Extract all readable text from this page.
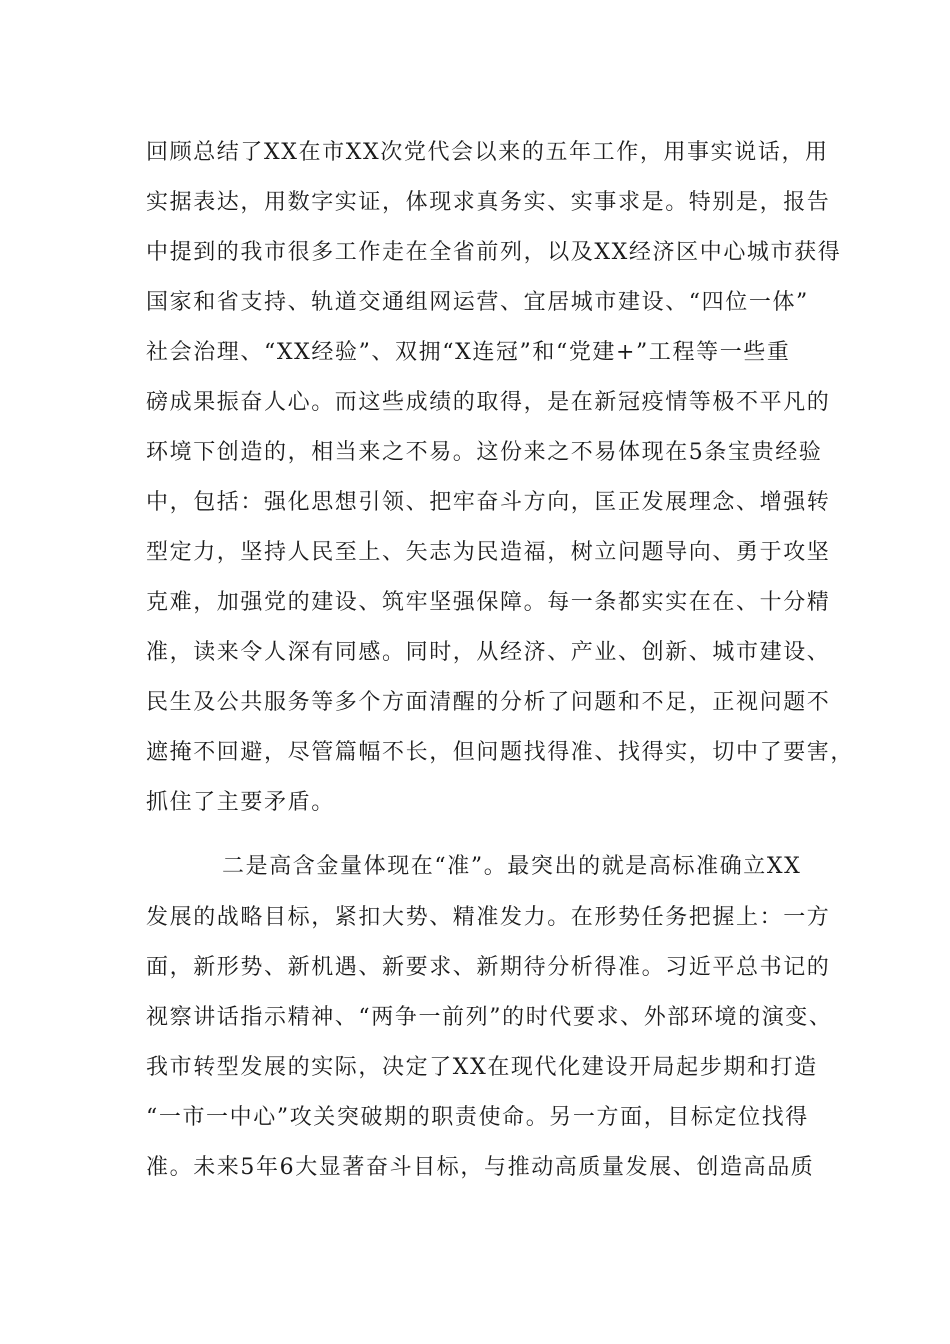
回顾总结了XX在市XX次党代会以来的五年工作，用事实说话，用
实据表达，用数字实证，体现求真务实、实事求是。特别是，报告
中提到的我市很多工作走在全省前列，以及XX经济区中心城市获得
国家和省支持、轨道交通组网运营、宜居城市建设、“四位一体”
社会治理、“XX经验”、双拥“X连冠”和“党建+”工程等一些重
磅成果振奋人心。而这些成绩的取得，是在新冠疫情等极不平凡的
环境下创造的，相当来之不易。这份来之不易体现在5条宝贵经验
中，包括：强化思想引领、把牢奋斗方向，匡正发展理念、增强转
型定力，坚持人民至上、矢志为民造福，树立问题导向、勇于攻坚
克难，加强党的建设、筑牢坚强保障。每一条都实实在在、十分精
准，读来令人深有同感。同时，从经济、产业、创新、城市建设、
民生及公共服务等多个方面清醒的分析了问题和不足，正视问题不
遮掩不回避，尽管篇幅不长，但问题找得准、找得实，切中了要害，
抓住了主要矛盾。
二是高含金量体现在“准”。最突出的就是高标准确立XX
发展的战略目标，紧扣大势、精准发力。在形势任务把握上：一方
面，新形势、新机遇、新要求、新期待分析得准。习近平总书记的
视察讲话指示精神、“两争一前列”的时代要求、外部环境的演变、
我市转型发展的实际，决定了XX在现代化建设开局起步期和打造
“一市一中心”攻关突破期的职责使命。另一方面，目标定位找得
准。未来5年6大显著奋斗目标，与推动高质量发展、创造高品质
